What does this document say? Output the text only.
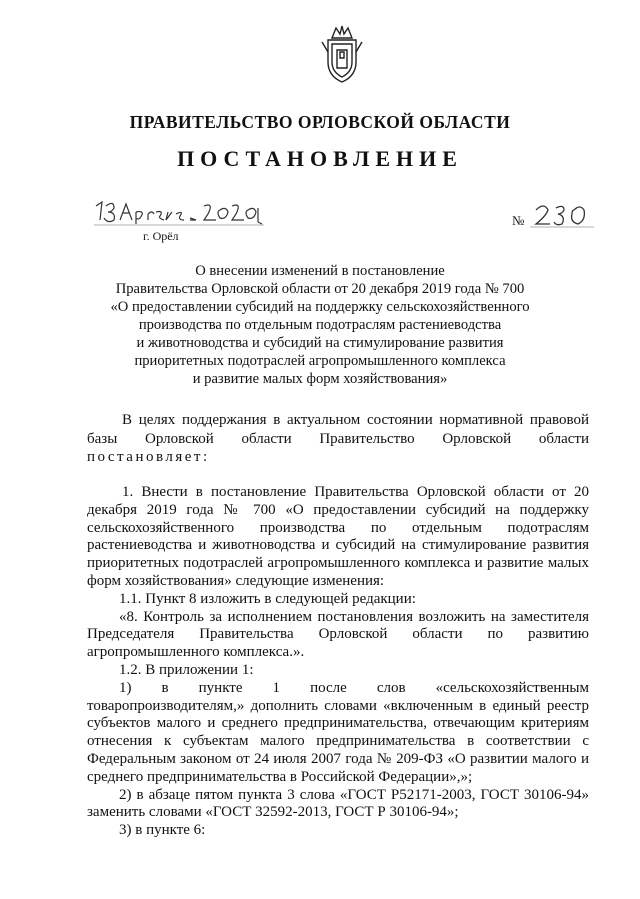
ПРАВИТЕЛЬСТВО ОРЛОВСКОЙ ОБЛАСТИ
ПОСТАНОВЛЕНИЕ
г. Орёл
№
О внесении изменений в постановление
Правительства Орловской области от 20 декабря 2019 года № 700
«О предоставлении субсидий на поддержку сельскохозяйственного
производства по отдельным подотраслям растениеводства
и животноводства и субсидий на стимулирование развития
приоритетных подотраслей агропромышленного комплекса
и развитие малых форм хозяйствования»

В целях поддержания в актуальном состоянии нормативной правовой базы Орловской области Правительство Орловской области

постановляет:

1. Внести в постановление Правительства Орловской области от 20 декабря 2019 года № 700 «О предоставлении субсидий на поддержку сельскохозяйственного производства по отдельным подотраслям растениеводства и животноводства и субсидий на стимулирование развития приоритетных подотраслей агропромышленного комплекса и развитие малых форм хозяйствования» следующие изменения:

1.1. Пункт 8 изложить в следующей редакции:

«8. Контроль за исполнением постановления возложить на заместителя Председателя Правительства Орловской области по развитию агропромышленного комплекса.».

1.2. В приложении 1:

1) в пункте 1 после слов «сельскохозяйственным товаропроизводителям,» дополнить словами «включенным в единый реестр субъектов малого и среднего предпринимательства, отвечающим критериям отнесения к субъектам малого предпринимательства в соответствии с Федеральным законом от 24 июля 2007 года № 209-ФЗ «О развитии малого и среднего предпринимательства в Российской Федерации»,»;

2) в абзаце пятом пункта 3 слова «ГОСТ Р52171-2003, ГОСТ 30106-94» заменить словами «ГОСТ 32592-2013, ГОСТ Р 30106-94»;

3) в пункте 6:
